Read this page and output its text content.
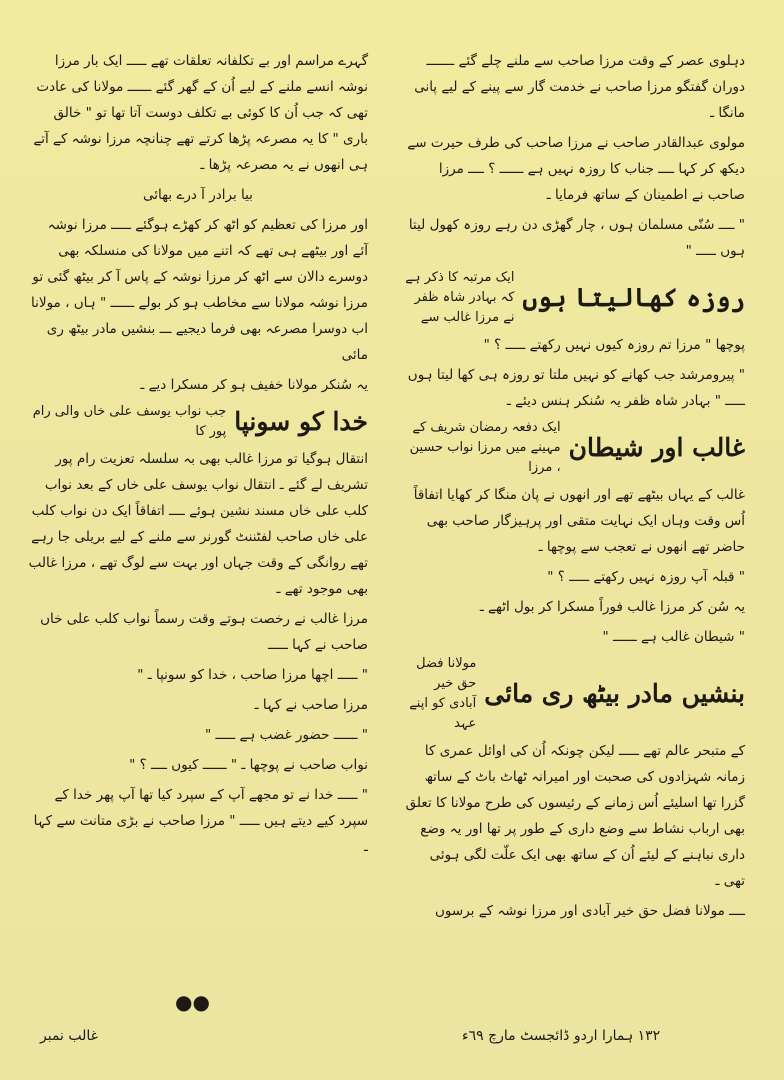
دہلوی عصر کے وقت مرزا صاحب سے ملنے چلے گئے ـــــــ دوران گفتگو مرزا صاحب نے خدمت گار سے پینے کے لیے پانی مانگا ـ

مولوی عبدالقادر صاحب نے مرزا صاحب کی طرف حیرت سے دیکھ کر کہا ــــ جناب کا روزہ نہیں ہے ــــــ ؟ ــــ مرزا صاحب نے اطمینان کے ساتھ فرمایا ـ

" ــــ سُنّی مسلمان ہوں ، چار گھڑی دن رہے روزہ کھول لیتا ہوں ـــــ "

روزہ کھالیتا ہوں
ایک مرتبہ کا ذکر ہے کہ بہادر شاہ ظفر نے مرزا غالب سے

پوچھا " مرزا تم روزہ کیوں نہیں رکھتے ـــــ ؟ "

" پیرومرشد جب کھانے کو نہیں ملتا تو روزہ ہی کھا لیتا ہوں ـــــ " بہادر شاہ ظفر یہ سُنکر ہنس دیئے ـ

غالب اور شیطان
ایک دفعہ رمضان شریف کے مہینے میں مرزا نواب حسین ، مرزا

غالب کے یہاں بیٹھے تھے اور انھوں نے پان منگا کر کھایا اتفاقاً اُس وقت وہاں ایک نہایت متقی اور پرہیزگار صاحب بھی حاضر تھے انھوں نے تعجب سے پوچھا ـ

" قبلہ آپ روزہ نہیں رکھتے ـــــ ؟ "

یہ سُن کر مرزا غالب فوراً مسکرا کر بول اٹھے ـ

" شیطان غالب ہے ــــــ "

بنشیں مادر بیٹھ ری مائی
مولانا فضل حق خیر آبادی کو اپنے عہد

کے متبحر عالم تھے ـــــ لیکن چونکہ اُن کی اوائل عمری کا زمانہ شہزادوں کی صحبت اور امیرانہ ٹھاٹ باٹ کے ساتھ گزرا تھا اسلیئے اُس زمانے کے رئیسوں کی طرح مولانا کا تعلق بھی ارباب نشاط سے وضع داری کے طور پر تھا اور یہ وضع داری نباہنے کے لیئے اُن کے ساتھ بھی ایک علّت لگی ہوئی تھی ـ

ــــ مولانا فضل حق خیر آبادی اور مرزا نوشہ کے برسوں

گہرے مراسم اور بے تکلفانہ تعلقات تھے ـــــ ایک بار مرزا نوشہ انسے ملنے کے لیے اُن کے گھر گئے ــــــ مولانا کی عادت تھی کہ جب اُن کا کوئی بے تکلف دوست آتا تھا تو " خالق باری " کا یہ مصرعہ پڑھا کرتے تھے چنانچہ مرزا نوشہ کے آتے ہی انھوں نے یہ مصرعہ پڑھا ـ

بیا برادر آ درے بھائی

اور مرزا کی تعظیم کو اٹھ کر کھڑے ہوگئے ـــــ مرزا نوشہ آئے اور بیٹھے ہی تھے کہ اتنے میں مولانا کی منسلکہ بھی دوسرے دالان سے اٹھ کر مرزا نوشہ کے پاس آ کر بیٹھ گئی تو مرزا نوشہ مولانا سے مخاطب ہو کر بولے ــــــ " ہاں ، مولانا اب دوسرا مصرعہ بھی فرما دیجیے ـــ بنشیں مادر بیٹھ ری مائی

یہ سُنکر مولانا خفیف ہو کر مسکرا دیے ـ

خدا کو سونپا
جب نواب یوسف علی خاں والی رام پور کا

انتقال ہوگیا تو مرزا غالب بھی بہ سلسلہ تعزیت رام پور تشریف لے گئے ـ انتقال نواب یوسف علی خاں کے بعد نواب کلب علی خاں مسند نشین ہوئے ــــ اتفاقاً ایک دن نواب کلب علی خاں صاحب لفٹننٹ گورنر سے ملنے کے لیے بریلی جا رہے تھے روانگی کے وقت جہاں اور بہت سے لوگ تھے ، مرزا غالب بھی موجود تھے ـ

مرزا غالب نے رخصت ہوتے وقت رسماً نواب کلب علی خاں صاحب نے کہا ـــــ

" ـــــ اچھا مرزا صاحب ، خدا کو سونپا ـ "

مرزا صاحب نے کہا ـ

" ــــــ حضور غضب ہے ـــــ "

نواب صاحب نے پوچھا ـ " ــــــ کیوں ــــ ؟ "

" ـــــ خدا نے تو مجھے آپ کے سپرد کیا تھا آپ پھر خدا کے سپرد کیے دیتے ہیں ـــــ " مرزا صاحب نے بڑی متانت سے کہا ـ

●●
غالب نمبر	١٣٢ ہمارا اردو ڈائجسٹ مارچ ٦٩ء
